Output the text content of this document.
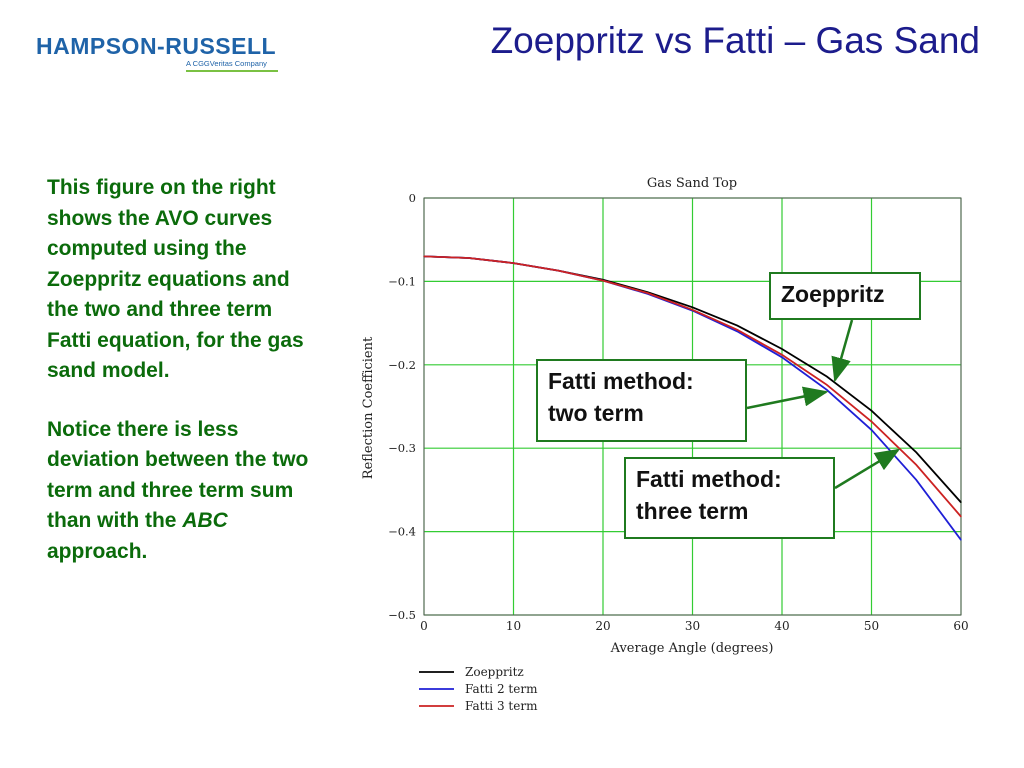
HAMPSON-RUSSELL
A CGGVeritas Company
Zoeppritz vs Fatti – Gas Sand

This figure on the right shows the AVO curves computed using the Zoeppritz equations and the two and three term Fatti equation, for the gas sand model.

Notice there is less deviation between the two term and three term sum than with the ABC approach.

Gas Sand Top
Reflection Coefficient
Average Angle (degrees)
0	10	20	30	40	50	60
0
−0.1
−0.2
−0.3
−0.4
−0.5
Zoeppritz
Fatti 2 term
Fatti 3 term
Zoeppritz
Fatti method:
two term
Fatti method:
three term
